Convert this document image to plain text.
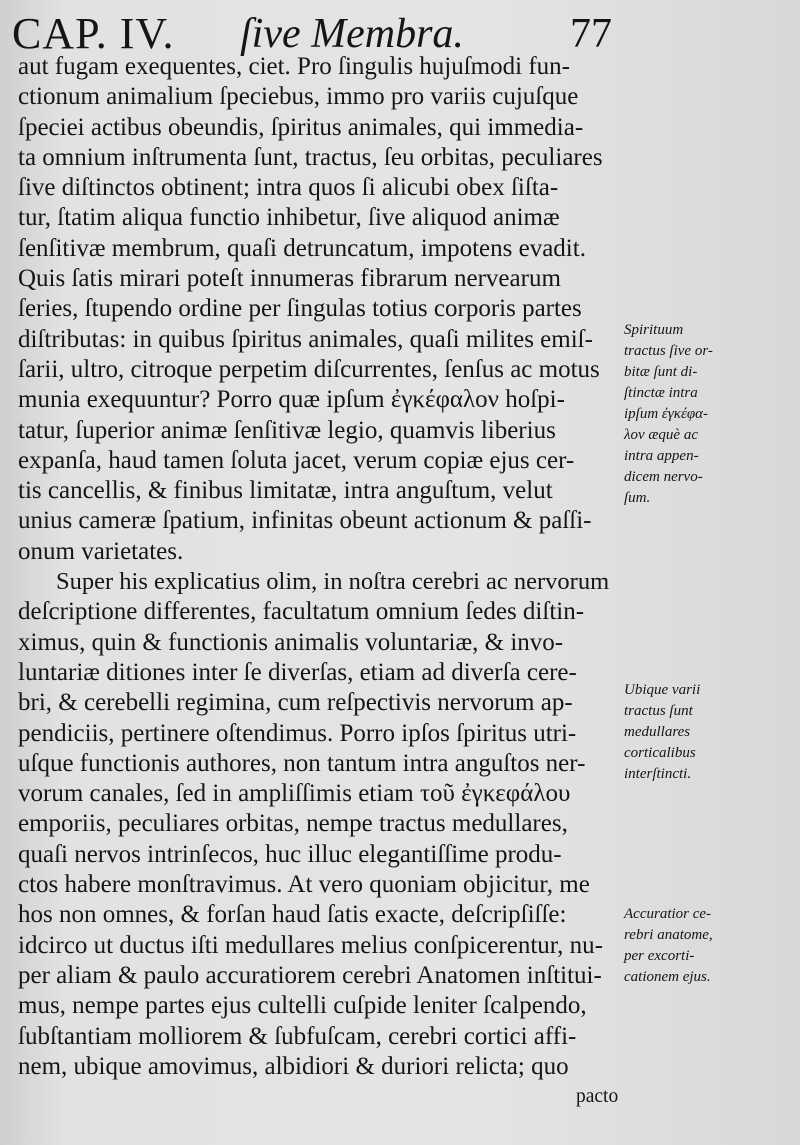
CAP. IV. ſive Membra.	77
aut fugam exequentes, ciet. Pro ſingulis hujuſmodi fun-
ctionum animalium ſpeciebus, immo pro variis cujuſque
ſpeciei actibus obeundis, ſpiritus animales, qui immedia-
ta omnium inſtrumenta ſunt, tractus, ſeu orbitas, peculiares
ſive diſtinctos obtinent; intra quos ſi alicubi obex ſiſta-
tur, ſtatim aliqua functio inhibetur, ſive aliquod animæ
ſenſitivæ membrum, quaſi detruncatum, impotens evadit.
Quis ſatis mirari poteſt innumeras fibrarum nervearum
ſeries, ſtupendo ordine per ſingulas totius corporis partes
diſtributas: in quibus ſpiritus animales, quaſi milites emiſ-
ſarii, ultro, citroque perpetim diſcurrentes, ſenſus ac motus
munia exequuntur? Porro quæ ipſum ἐγκέφαλον hoſpi-
tatur, ſuperior animæ ſenſitivæ legio, quamvis liberius
expanſa, haud tamen ſoluta jacet, verum copiæ ejus cer-
tis cancellis, & finibus limitatæ, intra anguſtum, velut
unius cameræ ſpatium, infinitas obeunt actionum & paſſi-
onum varietates.
Super his explicatius olim, in noſtra cerebri ac nervorum
deſcriptione differentes, facultatum omnium ſedes diſtin-
ximus, quin & functionis animalis voluntariæ, & invo-
luntariæ ditiones inter ſe diverſas, etiam ad diverſa cere-
bri, & cerebelli regimina, cum reſpectivis nervorum ap-
pendiciis, pertinere oſtendimus. Porro ipſos ſpiritus utri-
uſque functionis authores, non tantum intra anguſtos ner-
vorum canales, ſed in ampliſſimis etiam τοῦ ἐγκεφάλου
emporiis, peculiares orbitas, nempe tractus medullares,
quaſi nervos intrinſecos, huc illuc elegantiſſime produ-
ctos habere monſtravimus. At vero quoniam objicitur, me
hos non omnes, & forſan haud ſatis exacte, deſcripſiſſe:
idcirco ut ductus iſti medullares melius conſpicerentur, nu-
per aliam & paulo accuratiorem cerebri Anatomen inſtitui-
mus, nempe partes ejus cultelli cuſpide leniter ſcalpendo,
ſubſtantiam molliorem & ſubfuſcam, cerebri cortici affi-
nem, ubique amovimus, albidiori & duriori relicta; quo
pacto
Spirituum
tractus ſive or-
bitæ ſunt di-
ſtinctæ intra
ipſum ἐγκέφα-
λον æquè ac
intra appen-
dicem nervo-
ſum.
Ubique varii
tractus ſunt
medullares
corticalibus
interſtincti.
Accuratior ce-
rebri anatome,
per excorti-
cationem ejus.
